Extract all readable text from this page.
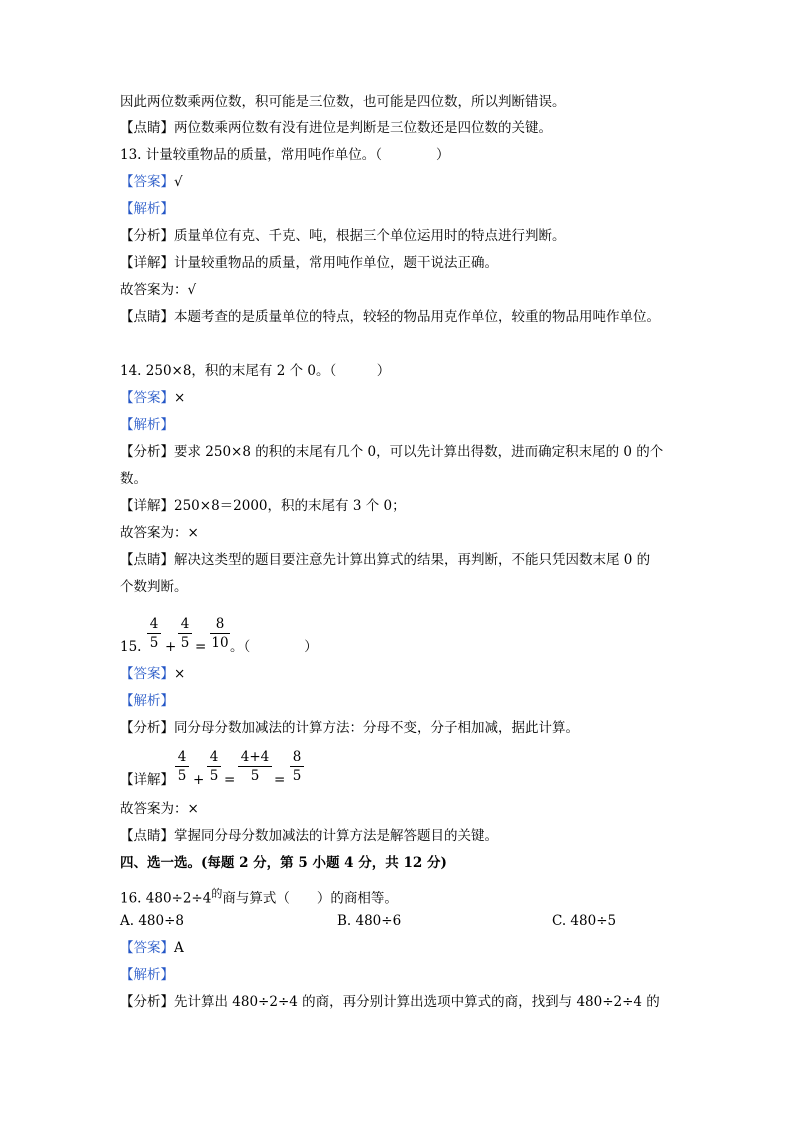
因此两位数乘两位数，积可能是三位数，也可能是四位数，所以判断错误。
【点睛】两位数乘两位数有没有进位是判断是三位数还是四位数的关键。
13. 计量较重物品的质量，常用吨作单位。（　　　　）
【答案】√
【解析】
【分析】质量单位有克、千克、吨，根据三个单位运用时的特点进行判断。
【详解】计量较重物品的质量，常用吨作单位，题干说法正确。
故答案为：√
【点睛】本题考查的是质量单位的特点，较轻的物品用克作单位，较重的物品用吨作单位。
14. 250×8，积的末尾有 2 个 0。（　　　）
【答案】×
【解析】
【分析】要求 250×8 的积的末尾有几个 0，可以先计算出得数，进而确定积末尾的 0 的个
数。
【详解】250×8＝2000，积的末尾有 3 个 0；
故答案为：×
【点睛】解决这类型的题目要注意先计算出算式的结果，再判断，不能只凭因数末尾 0 的
个数判断。
15.
4
5 +
4
5 =
8
10 。（　　　　）
【答案】×
【解析】
【分析】同分母分数加减法的计算方法：分母不变，分子相加减，据此计算。
【详解】
4
5 +
4
5 =
4+4
5	=
8
5
故答案为：×
【点睛】掌握同分母分数加减法的计算方法是解答题目的关键。
四、选一选。(每题 2 分，第 5 小题 4 分，共 12 分)
16. $480\div 2\div 4^的$商与算式（　　）的商相等。
A. 480÷8	B. 480÷6	C. 480÷5
【答案】A
【解析】
【分析】先计算出 480÷2÷4 的商，再分别计算出选项中算式的商，找到与 480÷2÷4 的
